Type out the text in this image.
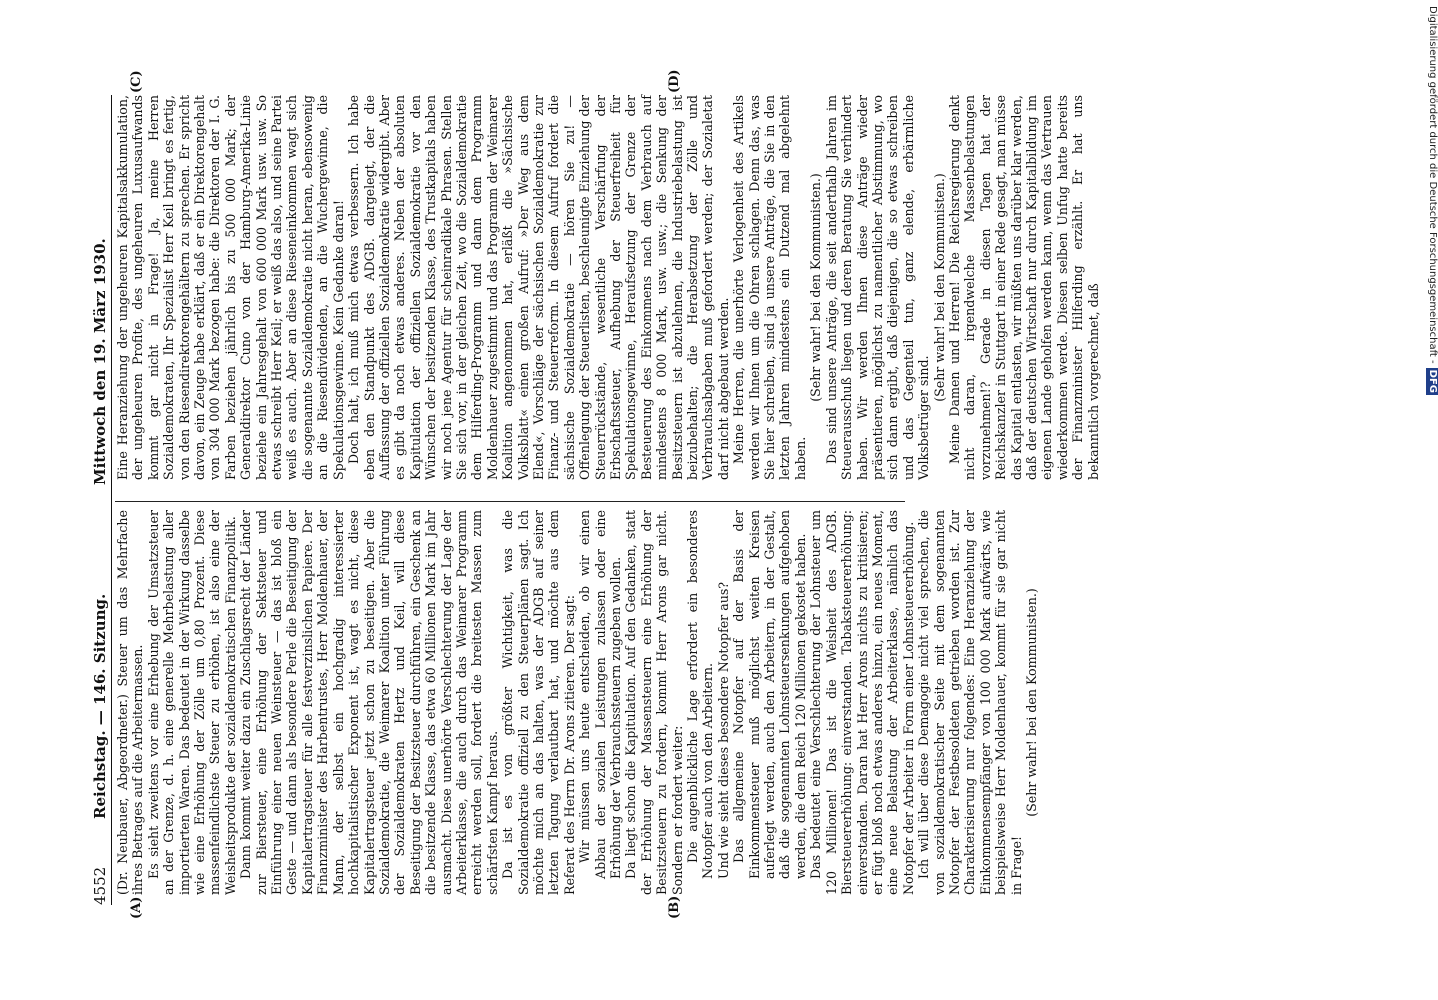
4552
Reichstag. — 146. Sitzung.
Mittwoch den 19. März 1930.

(Dr. Neubauer, Abgeordneter.) Steuer um das Mehrfache ihres Betrages auf die Arbeitermassen. Es sieht zweitens vor eine Erhebung der Umsatzsteuer an der Grenze, d. h. eine generelle Mehrbelastung aller importierten Waren. Das bedeutet in der Wirkung dasselbe wie eine Erhöhung der Zölle um 0,80 Prozent. Diese massenfeindlichste Steuer zu erhöhen, ist also eine der Weisheitsprodukte der sozialdemokratischen Finanzpolitik. Dann kommt weiter dazu ein Zuschlagsrecht der Länder zur Biersteuer, eine Erhöhung der Sektsteuer und Einführung einer neuen Weinsteuer — das ist bloß ein Geste — und dann als besondere Perle die Beseitigung der Kapitalertragsteuer für alle festverzinslichen Papiere. Der Finanzminister des Harbentrustes, Herr Moldenhauer, der Mann, der selbst ein hochgradig interessierter hochkapitalistischer Exponent ist, wagt es nicht, diese Kapitalertragsteuer jetzt schon zu beseitigen. Aber die Sozialdemokratie, die Weimarer Koalition unter Führung der Sozialdemokraten Hertz und Keil, will diese Beseitigung der Besitzsteuer durchführen, ein Geschenk an die besitzende Klasse, das etwa 60 Millionen Mark im Jahr ausmacht. Diese unerhörte Verschlechterung der Lage der Arbeiterklasse, die auch durch das Weimarer Programm erreicht werden soll, fordert die breitesten Massen zum schärfsten Kampf heraus. Da ist es von größter Wichtigkeit, was die Sozialdemokratie offiziell zu den Steuerplänen sagt. Ich möchte mich an das halten, was der ADGB auf seiner letzten Tagung verlautbart hat, und möchte aus dem Referat des Herrn Dr. Arons zitieren. Der sagt: Wir müssen uns heute entscheiden, ob wir einen Abbau der sozialen Leistungen zulassen oder eine Erhöhung der Verbrauchssteuern zugeben wollen. Da liegt schon die Kapitulation. Auf den Gedanken, statt der Erhöhung der Massensteuern eine Erhöhung der Besitzsteuern zu fordern, kommt Herr Arons gar nicht. Sondern er fordert weiter: Die augenblickliche Lage erfordert ein besonderes Notopfer auch von den Arbeitern. Und wie sieht dieses besondere Notopfer aus? Das allgemeine Notopfer auf der Basis der Einkommensteuer muß möglichst weiten Kreisen auferlegt werden, auch den Arbeitern, in der Gestalt, daß die sogenannten Lohnsteuersenkungen aufgehoben werden, die dem Reich 120 Millionen gekostet haben. Das bedeutet eine Verschlechterung der Lohnsteuer um 120 Millionen! Das ist die Weisheit des ADGB. Biersteuererhöhung: einverstanden. Tabaksteuererhöhung: einverstanden. Daran hat Herr Arons nichts zu kritisieren; er fügt bloß noch etwas anderes hinzu, ein neues Moment, eine neue Belastung der Arbeiterklasse, nämlich das Notopfer der Arbeiter in Form einer Lohnsteuererhöhung. Ich will über diese Demagogie nicht viel sprechen, die von sozialdemokratischer Seite mit dem sogenannten Notopfer der Festbesoldeten getrieben worden ist. Zur Charakterisierung nur folgendes: Eine Heranziehung der Einkommensempfänger von 100 000 Mark aufwärts, wie beispielsweise Herr Moldenhauer, kommt für sie gar nicht in Frage!

(Sehr wahr! bei den Kommunisten.)

Eine Heranziehung der ungeheuren Kapitalsakkumulation, der ungeheuren Profite, des ungeheuren Luxusaufwands kommt gar nicht in Frage! Ja, meine Herren Sozialdemokraten, Ihr Spezialist Herr Keil bringt es fertig, von den Riesendirektorengehältern zu sprechen. Er spricht davon, ein Zeuge habe erklärt, daß er ein Direktorengehalt von 304 000 Mark bezogen habe: die Direktoren der I. G. Farben beziehen jährlich bis zu 500 000 Mark; der Generaldirektor Cuno von der Hamburg-Amerika-Linie beziehe ein Jahresgehalt von 600 000 Mark usw. usw. So etwas schreibt Herr Keil; er weiß das also, und seine Partei weiß es auch. Aber an diese Rieseneinkommen wagt sich die sogenannte Sozialdemokratie nicht heran, ebensowenig an die Riesendividenden, an die Wuchergewinne, die Spekulationsgewinne. Kein Gedanke daran! Doch halt, ich muß mich etwas verbessern. Ich habe eben den Standpunkt des ADGB. dargelegt, der die Auffassung der offiziellen Sozialdemokratie widergibt. Aber es gibt da noch etwas anderes. Neben der absoluten Kapitulation der offiziellen Sozialdemokratie vor den Wünschen der besitzenden Klasse, des Trustkapitals haben wir noch jene Agentur für scheinradikale Phrasen. Stellen Sie sich vor, in der gleichen Zeit, wo die Sozialdemokratie dem Hilferding-Programm und dann dem Programm Moldenhauer zugestimmt und das Programm der Weimarer Koalition angenommen hat, erläßt die »Sächsische Volksblatt« einen großen Aufruf: »Der Weg aus dem Elend«, Vorschläge der sächsischen Sozialdemokratie zur Finanz- und Steuerreform. In diesem Aufruf fordert die sächsische Sozialdemokratie — hören Sie zu! — Offenlegung der Steuerlisten, beschleunigte Einziehung der Steuerrückstände, wesentliche Verschärfung der Erbschaftssteuer, Aufhebung der Steuerfreiheit für Spekulationsgewinne, Heraufsetzung der Grenze der Besteuerung des Einkommens nach dem Verbrauch auf mindestens 8 000 Mark, usw. usw.; die Senkung der Besitzsteuern ist abzulehnen, die Industriebelastung ist beizubehalten; die Herabsetzung der Zölle und Verbrauchsabgaben muß gefordert werden; der Sozialetat darf nicht abgebaut werden. Meine Herren, die unerhörte Verlogenheit des Artikels werden wir Ihnen um die Ohren schlagen. Denn das, was Sie hier schreiben, sind ja unsere Anträge, die Sie in den letzten Jahren mindestens ein Dutzend mal abgelehnt haben.

(Sehr wahr! bei den Kommunisten.) Das sind unsere Anträge, die seit anderthalb Jahren im Steuerausschuß liegen und deren Beratung Sie verhindert haben. Wir werden Ihnen diese Anträge wieder präsentieren, möglichst zu namentlicher Abstimmung, wo sich dann ergibt, daß diejenigen, die so etwas schreiben und das Gegenteil tun, ganz elende, erbärmliche Volksbetrüger sind.

(Sehr wahr! bei den Kommunisten.) Meine Damen und Herren! Die Reichsregierung denkt nicht daran, irgendwelche Massenbelastungen vorzunehmen!? Gerade in diesen Tagen hat der Reichskanzler in Stuttgart in einer Rede gesagt, man müsse das Kapital entlasten, wir müßten uns darüber klar werden, daß der deutschen Wirtschaft nur durch Kapitalbildung im eigenen Lande geholfen werden kann, wenn das Vertrauen wiederkommen werde. Diesen selben Unfug hatte bereits der Finanzminister Hilferding erzählt. Er hat uns bekanntlich vorgerechnet, daß

(A)	(B)
(C)	(D)	Digitalisierung gefördert durch die Deutsche Forschungsgemeinschaft -DFG
